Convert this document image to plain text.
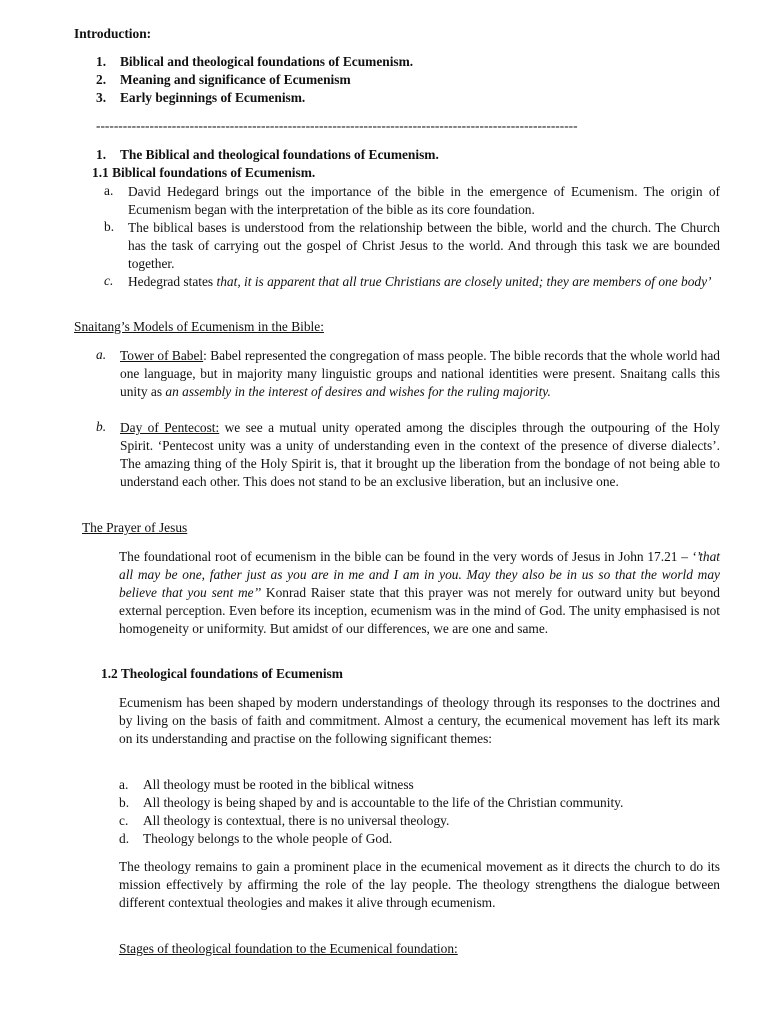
Introduction:
1. Biblical and theological foundations of Ecumenism.
2. Meaning and significance of Ecumenism
3. Early beginnings of Ecumenism.
------------------------------------------------------------------------------------------------------------
1. The Biblical and theological foundations of Ecumenism.
1.1 Biblical foundations of Ecumenism.
a. David Hedegard brings out the importance of the bible in the emergence of Ecumenism. The origin of Ecumenism began with the interpretation of the bible as its core foundation.

b. The biblical bases is understood from the relationship between the bible, world and the church. The Church has the task of carrying out the gospel of Christ Jesus to the world. And through this task we are bounded together.

c. Hedegrad states that, it is apparent that all true Christians are closely united; they are members of one body’

Snaitang’s Models of Ecumenism in the Bible:
a. Tower of Babel: Babel represented the congregation of mass people. The bible records that the whole world had one language, but in majority many linguistic groups and national identities were present. Snaitang calls this unity as an assembly in the interest of desires and wishes for the ruling majority.

b. Day of Pentecost: we see a mutual unity operated among the disciples through the outpouring of the Holy Spirit. ‘Pentecost unity was a unity of understanding even in the context of the presence of diverse dialects’. The amazing thing of the Holy Spirit is, that it brought up the liberation from the bondage of not being able to understand each other. This does not stand to be an exclusive liberation, but an inclusive one.

The Prayer of Jesus

The foundational root of ecumenism in the bible can be found in the very words of Jesus in John 17.21 – ‘’that all may be one, father just as you are in me and I am in you. May they also be in us so that the world may believe that you sent me’’ Konrad Raiser state that this prayer was not merely for outward unity but beyond external perception. Even before its inception, ecumenism was in the mind of God. The unity emphasised is not homogeneity or uniformity. But amidst of our differences, we are one and same.

1.2 Theological foundations of Ecumenism

Ecumenism has been shaped by modern understandings of theology through its responses to the doctrines and by living on the basis of faith and commitment. Almost a century, the ecumenical movement has left its mark on its understanding and practise on the following significant themes:

a. All theology must be rooted in the biblical witness
b. All theology is being shaped by and is accountable to the life of the Christian community.
c. All theology is contextual, there is no universal theology.
d. Theology belongs to the whole people of God.

The theology remains to gain a prominent place in the ecumenical movement as it directs the church to do its mission effectively by affirming the role of the lay people. The theology strengthens the dialogue between different contextual theologies and makes it alive through ecumenism.

Stages of theological foundation to the Ecumenical foundation:
